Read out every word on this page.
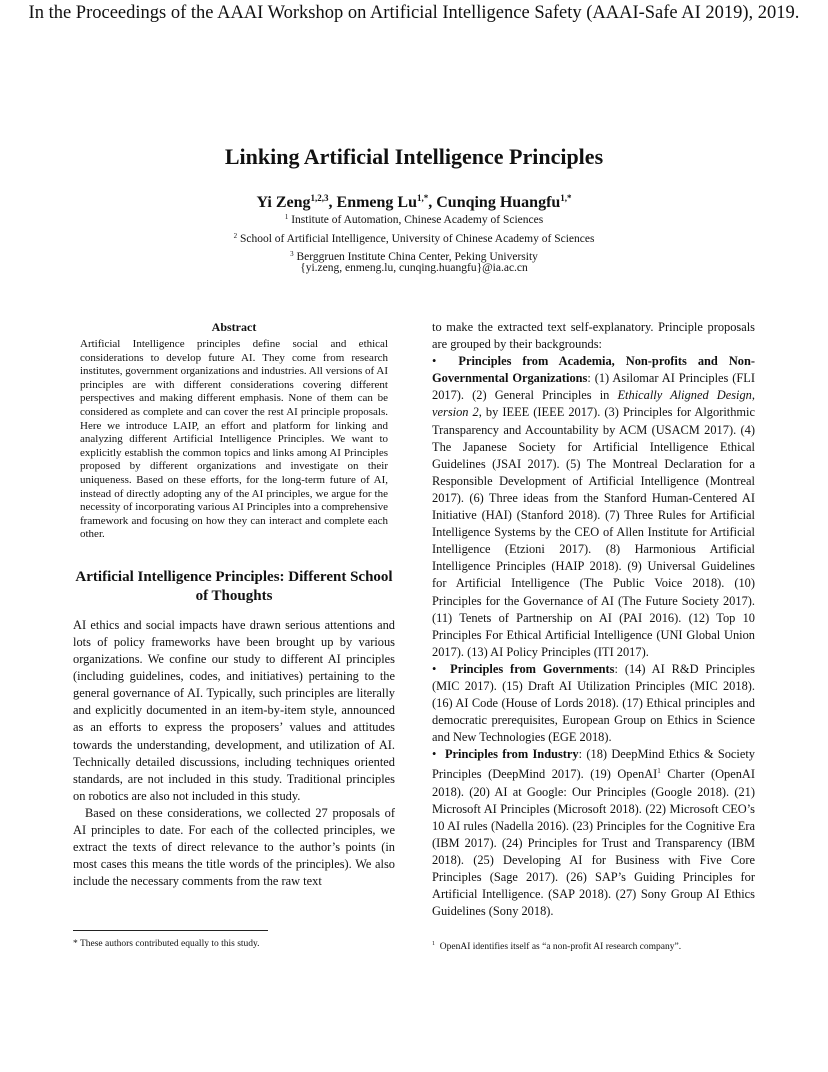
In the Proceedings of the AAAI Workshop on Artificial Intelligence Safety (AAAI-Safe AI 2019), 2019.
Linking Artificial Intelligence Principles
Yi Zeng$^{1,2,3}$, Enmeng $Lu^{1,*}$, Cunqing Huangfu$^{1,*}$
$^1$ Institute of Automation, Chinese Academy of Sciences
$^2$ School of Artificial Intelligence, University of Chinese Academy of Sciences
$^3$ Berggruen Institute China Center, Peking University
{yi.zeng, enmeng.lu, cunqing.huangfu}@ia.ac.cn
Abstract

Artificial Intelligence principles define social and ethical considerations to develop future AI. They come from research institutes, government organizations and industries. All versions of AI principles are with different considerations covering different perspectives and making different emphasis. None of them can be considered as complete and can cover the rest AI principle proposals. Here we introduce LAIP, an effort and platform for linking and analyzing different Artificial Intelligence Principles. We want to explicitly establish the common topics and links among AI Principles proposed by different organizations and investigate on their uniqueness. Based on these efforts, for the long-term future of AI, instead of directly adopting any of the AI principles, we argue for the necessity of incorporating various AI Principles into a comprehensive framework and focusing on how they can interact and complete each other.

Artificial Intelligence Principles: Different School of Thoughts

AI ethics and social impacts have drawn serious attentions and lots of policy frameworks have been brought up by various organizations. We confine our study to different AI principles (including guidelines, codes, and initiatives) pertaining to the general governance of AI. Typically, such principles are literally and explicitly documented in an item-by-item style, announced as an efforts to express the proposers’ values and attitudes towards the understanding, development, and utilization of AI. Technically detailed discussions, including techniques oriented standards, are not included in this study. Traditional principles on robotics are also not included in this study.

Based on these considerations, we collected 27 proposals of AI principles to date. For each of the collected principles, we extract the texts of direct relevance to the author’s points (in most cases this means the title words of the principles). We also include the necessary comments from the raw text

to make the extracted text self-explanatory. Principle proposals are grouped by their backgrounds:

• Principles from Academia, Non-profits and Non-Governmental Organizations: (1) Asilomar AI Principles (FLI 2017). (2) General Principles in Ethically Aligned Design, version 2, by IEEE (IEEE 2017). (3) Principles for Algorithmic Transparency and Accountability by ACM (USACM 2017). (4) The Japanese Society for Artificial Intelligence Ethical Guidelines (JSAI 2017). (5) The Montreal Declaration for a Responsible Development of Artificial Intelligence (Montreal 2017). (6) Three ideas from the Stanford Human-Centered AI Initiative (HAI) (Stanford 2018). (7) Three Rules for Artificial Intelligence Systems by the CEO of Allen Institute for Artificial Intelligence (Etzioni 2017). (8) Harmonious Artificial Intelligence Principles (HAIP 2018). (9) Universal Guidelines for Artificial Intelligence (The Public Voice 2018). (10) Principles for the Governance of AI (The Future Society 2017). (11) Tenets of Partnership on AI (PAI 2016). (12) Top 10 Principles For Ethical Artificial Intelligence (UNI Global Union 2017). (13) AI Policy Principles (ITI 2017).

• Principles from Governments: (14) AI R&D Principles (MIC 2017). (15) Draft AI Utilization Principles (MIC 2018). (16) AI Code (House of Lords 2018). (17) Ethical principles and democratic prerequisites, European Group on Ethics in Science and New Technologies (EGE 2018).

• Principles from Industry: (18) DeepMind Ethics & Society Principles (DeepMind 2017). (19) OpenAI$^1$ Charter (OpenAI 2018). (20) AI at Google: Our Principles (Google 2018). (21) Microsoft AI Principles (Microsoft 2018). (22) Microsoft CEO’s 10 AI rules (Nadella 2016). (23) Principles for the Cognitive Era (IBM 2017). (24) Principles for Trust and Transparency (IBM 2018). (25) Developing AI for Business with Five Core Principles (Sage 2017). (26) SAP’s Guiding Principles for Artificial Intelligence. (SAP 2018). (27) Sony Group AI Ethics Guidelines (Sony 2018).

* These authors contributed equally to this study.	$^1$ OpenAI identifies itself as “a non-profit AI research company”.
